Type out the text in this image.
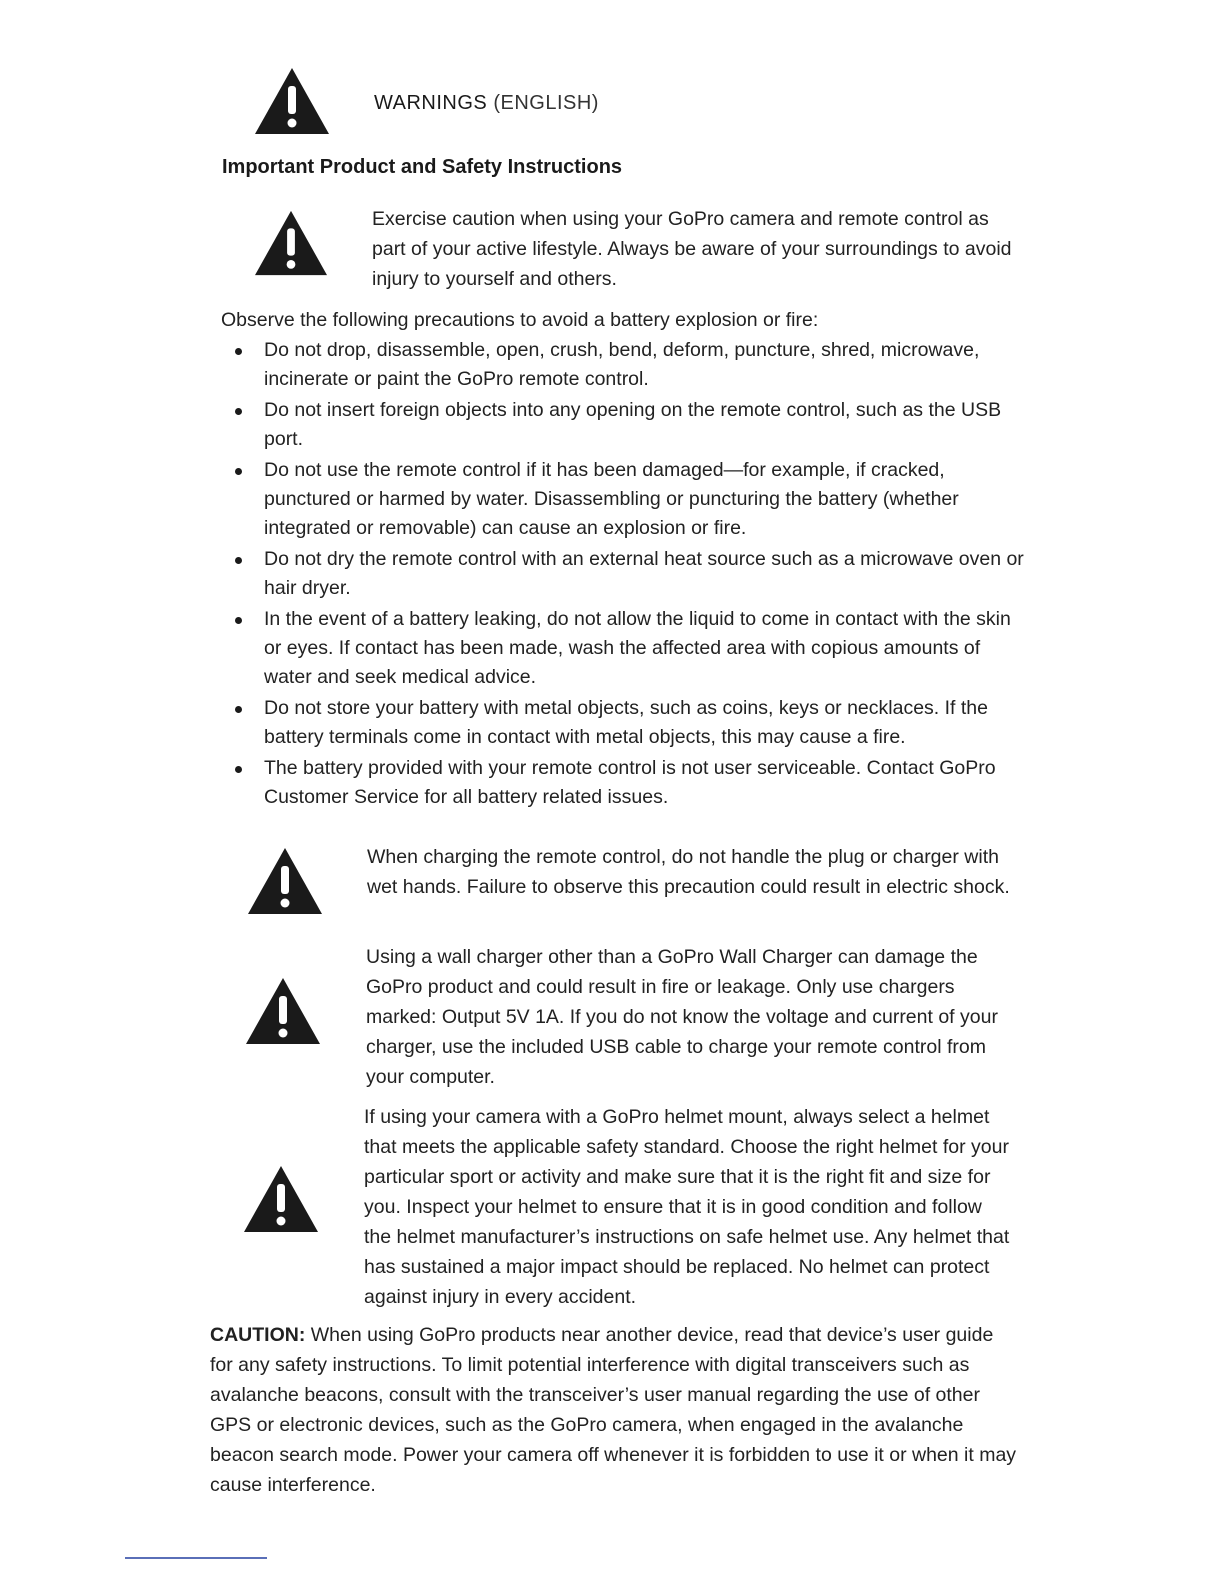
WARNINGS (ENGLISH)
Important Product and Safety Instructions
Exercise caution when using your GoPro camera and remote control as part of your active lifestyle. Always be aware of your surroundings to avoid injury to yourself and others.
Observe the following precautions to avoid a battery explosion or fire:
Do not drop, disassemble, open, crush, bend, deform, puncture, shred, microwave, incinerate or paint the GoPro remote control.
Do not insert foreign objects into any opening on the remote control, such as the USB port.
Do not use the remote control if it has been damaged—for example, if cracked, punctured or harmed by water. Disassembling or puncturing the battery (whether integrated or removable) can cause an explosion or fire.
Do not dry the remote control with an external heat source such as a microwave oven or hair dryer.
In the event of a battery leaking, do not allow the liquid to come in contact with the skin or eyes. If contact has been made, wash the affected area with copious amounts of water and seek medical advice.
Do not store your battery with metal objects, such as coins, keys or necklaces. If the battery terminals come in contact with metal objects, this may cause a fire.
The battery provided with your remote control is not user serviceable. Contact GoPro Customer Service for all battery related issues.
When charging the remote control, do not handle the plug or charger with wet hands. Failure to observe this precaution could result in electric shock.
Using a wall charger other than a GoPro Wall Charger can damage the GoPro product and could result in fire or leakage. Only use chargers marked: Output 5V 1A. If you do not know the voltage and current of your charger, use the included USB cable to charge your remote control from your computer.
If using your camera with a GoPro helmet mount, always select a helmet that meets the applicable safety standard. Choose the right helmet for your particular sport or activity and make sure that it is the right fit and size for you. Inspect your helmet to ensure that it is in good condition and follow the helmet manufacturer’s instructions on safe helmet use. Any helmet that has sustained a major impact should be replaced. No helmet can protect against injury in every accident.
CAUTION: When using GoPro products near another device, read that device’s user guide for any safety instructions. To limit potential interference with digital transceivers such as avalanche beacons, consult with the transceiver’s user manual regarding the use of other GPS or electronic devices, such as the GoPro camera, when engaged in the avalanche beacon search mode. Power your camera off whenever it is forbidden to use it or when it may cause interference.
